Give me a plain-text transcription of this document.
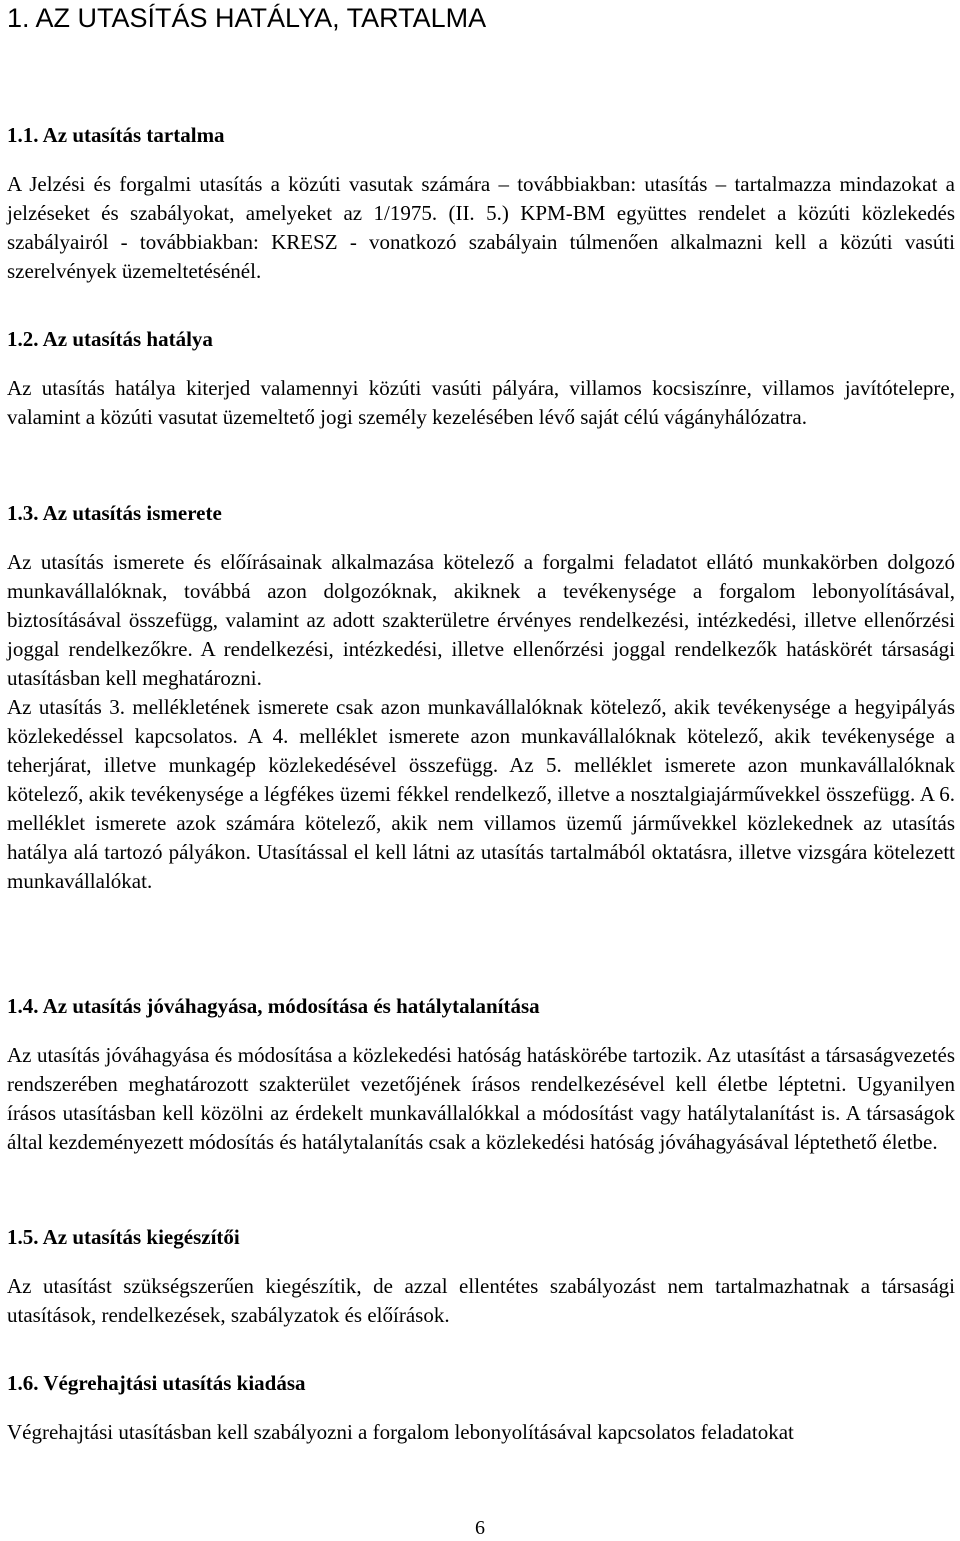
1. AZ UTASÍTÁS HATÁLYA, TARTALMA
1.1. Az utasítás tartalma

A Jelzési és forgalmi utasítás a közúti vasutak számára – továbbiakban: utasítás – tartalmazza mindazokat a jelzéseket és szabályokat, amelyeket az 1/1975. (II. 5.) KPM-BM együttes rendelet a közúti közlekedés szabályairól - továbbiakban: KRESZ - vonatkozó szabályain túlmenően alkalmazni kell a közúti vasúti szerelvények üzemeltetésénél.

1.2. Az utasítás hatálya

Az utasítás hatálya kiterjed valamennyi közúti vasúti pályára, villamos kocsiszínre, villamos javítótelepre, valamint a közúti vasutat üzemeltető jogi személy kezelésében lévő saját célú vágányhálózatra.

1.3. Az utasítás ismerete

Az utasítás ismerete és előírásainak alkalmazása kötelező a forgalmi feladatot ellátó munkakörben dolgozó munkavállalóknak, továbbá azon dolgozóknak, akiknek a tevékenysége a forgalom lebonyolításával, biztosításával összefügg, valamint az adott szakterületre érvényes rendelkezési, intézkedési, illetve ellenőrzési joggal rendelkezőkre. A rendelkezési, intézkedési, illetve ellenőrzési joggal rendelkezők hatáskörét társasági utasításban kell meghatározni.

Az utasítás 3. mellékletének ismerete csak azon munkavállalóknak kötelező, akik tevékenysége a hegyipályás közlekedéssel kapcsolatos. A 4. melléklet ismerete azon munkavállalóknak kötelező, akik tevékenysége a teherjárat, illetve munkagép közlekedésével összefügg. Az 5. melléklet ismerete azon munkavállalóknak kötelező, akik tevékenysége a légfékes üzemi fékkel rendelkező, illetve a nosztalgiajárművekkel összefügg. A 6. melléklet ismerete azok számára kötelező, akik nem villamos üzemű járművekkel közlekednek az utasítás hatálya alá tartozó pályákon. Utasítással el kell látni az utasítás tartalmából oktatásra, illetve vizsgára kötelezett munkavállalókat.

1.4. Az utasítás jóváhagyása, módosítása és hatálytalanítása

Az utasítás jóváhagyása és módosítása a közlekedési hatóság hatáskörébe tartozik. Az utasítást a társaságvezetés rendszerében meghatározott szakterület vezetőjének írásos rendelkezésével kell életbe léptetni. Ugyanilyen írásos utasításban kell közölni az érdekelt munkavállalókkal a módosítást vagy hatálytalanítást is. A társaságok által kezdeményezett módosítás és hatálytalanítás csak a közlekedési hatóság jóváhagyásával léptethető életbe.

1.5. Az utasítás kiegészítői

Az utasítást szükségszerűen kiegészítik, de azzal ellentétes szabályozást nem tartalmazhatnak a társasági utasítások, rendelkezések, szabályzatok és előírások.

1.6. Végrehajtási utasítás kiadása

Végrehajtási utasításban kell szabályozni a forgalom lebonyolításával kapcsolatos feladatokat

6
